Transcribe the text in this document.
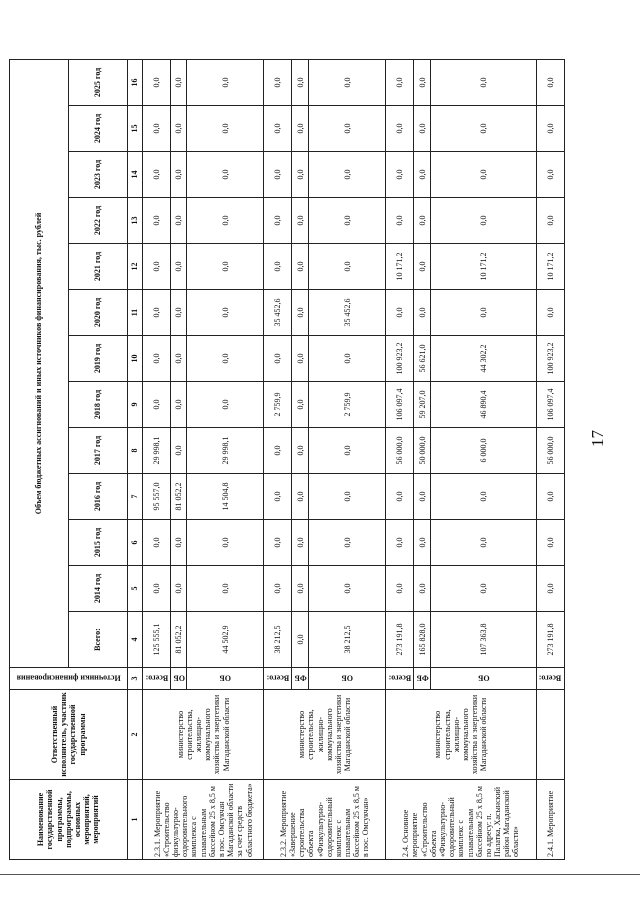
17
Наименование государственной программы, подпрограммы, основных мероприятий, мероприятий	Ответственный исполнитель, участник государственной программы	Источники финансирования	Объем бюджетных ассигнований и иных источников финансирования, тыс. рублей												
			Всего:	2014 год	2015 год	2016 год	2017 год	2018 год	2019 год	2020 год	2021 год	2022 год	2023 год	2024 год	2025 год
1	2	3	4	5	6	7	8	9	10	11	12	13	14	15	16
2.3.1. Мероприятие «Строительство физкультурно-оздоровительного комплекса с плавательным бассейном 25 х 8,5 м в пос. Омсукчан Магаданской области за счет средств областного бюджета»	министерство строительства, жилищно-коммунального хозяйства и энергетики Магаданской области	Всего:	125 555,1	0,0	0,0	95 557,0	29 998,1	0,0	0,0	0,0	0,0	0,0	0,0	0,0	0,0
		ОБ	81 052,2	0,0	0,0	81 052,2	0,0	0,0	0,0	0,0	0,0	0,0	0,0	0,0	0,0
		ОБ	44 502,9	0,0	0,0	14 504,8	29 998,1	0,0	0,0	0,0	0,0	0,0	0,0	0,0	0,0
2.3.2. Мероприятие «Завершение строительства объекта «Физкультурно-оздоровительный комплекс с плавательным бассейном 25 х 8,5 м в пос. Омсукчан»	министерство строительства, жилищно-коммунального хозяйства и энергетики Магаданской области	Всего:	38 212,5	0,0	0,0	0,0	0,0	2 759,9	0,0	35 452,6	0,0	0,0	0,0	0,0	0,0
		ФБ	0,0	0,0	0,0	0,0	0,0	0,0	0,0	0,0	0,0	0,0	0,0	0,0	0,0
		ОБ	38 212,5	0,0	0,0	0,0	0,0	2 759,9	0,0	35 452,6	0,0	0,0	0,0	0,0	0,0
2.4. Основное мероприятие «Строительство объекта «Физкультурно-оздоровительный комплекс с плавательным бассейном 25 х 8,5 м по адресу: п. Палатка, Хасынский район Магаданской области»	министерство строительства, жилищно-коммунального хозяйства и энергетики Магаданской области	Всего:	273 191,8	0,0	0,0	0,0	56 000,0	106 097,4	100 923,2	0,0	10 171,2	0,0	0,0	0,0	0,0
		ФБ	165 828,0	0,0	0,0	0,0	50 000,0	59 207,0	56 621,0	0,0	0,0	0,0	0,0	0,0	0,0
		ОБ	107 363,8	0,0	0,0	0,0	6 000,0	46 890,4	44 302,2	0,0	10 171,2	0,0	0,0	0,0	0,0
2.4.1. Мероприятие		Всего:	273 191,8	0,0	0,0	0,0	56 000,0	106 097,4	100 923,2	0,0	10 171,2	0,0	0,0	0,0	0,0
